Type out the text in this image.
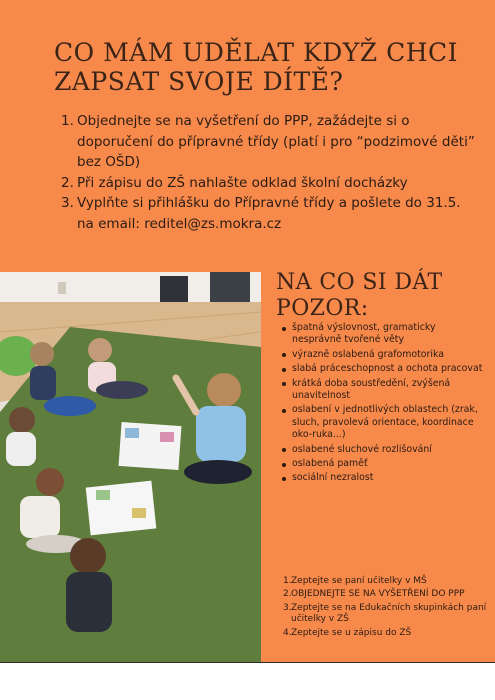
CO MÁM UDĚLAT KDYŽ CHCI ZAPSAT SVOJE DÍTĚ?
1. Objednejte se na vyšetření do PPP, zažádejte si o doporučení do přípravné třídy (platí i pro “podzimové děti” bez OŠD)
2. Při zápisu do ZŠ nahlašte odklad školní docházky
3. Vyplňte si přihlášku do Přípravné třídy a pošlete do 31.5. na email: reditel@zs.mokra.cz
NA CO SI DÁT POZOR:
špatná výslovnost, gramaticky nesprávně tvořené věty
výrazně oslabená grafomotorika
slabá práceschopnost a ochota pracovat
krátká doba soustředění, zvýšená unavitelnost
oslabení v jednotlivých oblastech (zrak, sluch, pravolevá orientace, koordinace oko-ruka...)
oslabené sluchové rozlišování
oslabená paměť
sociální nezralost
1. Zeptejte se paní učitelky v MŠ
2. OBJEDNEJTE SE NA VYŠETŘENÍ DO PPP
3. Zeptejte se na Edukačních skupinkách paní učitelky v ZŠ
4. Zeptejte se u zápisu do ZŠ
